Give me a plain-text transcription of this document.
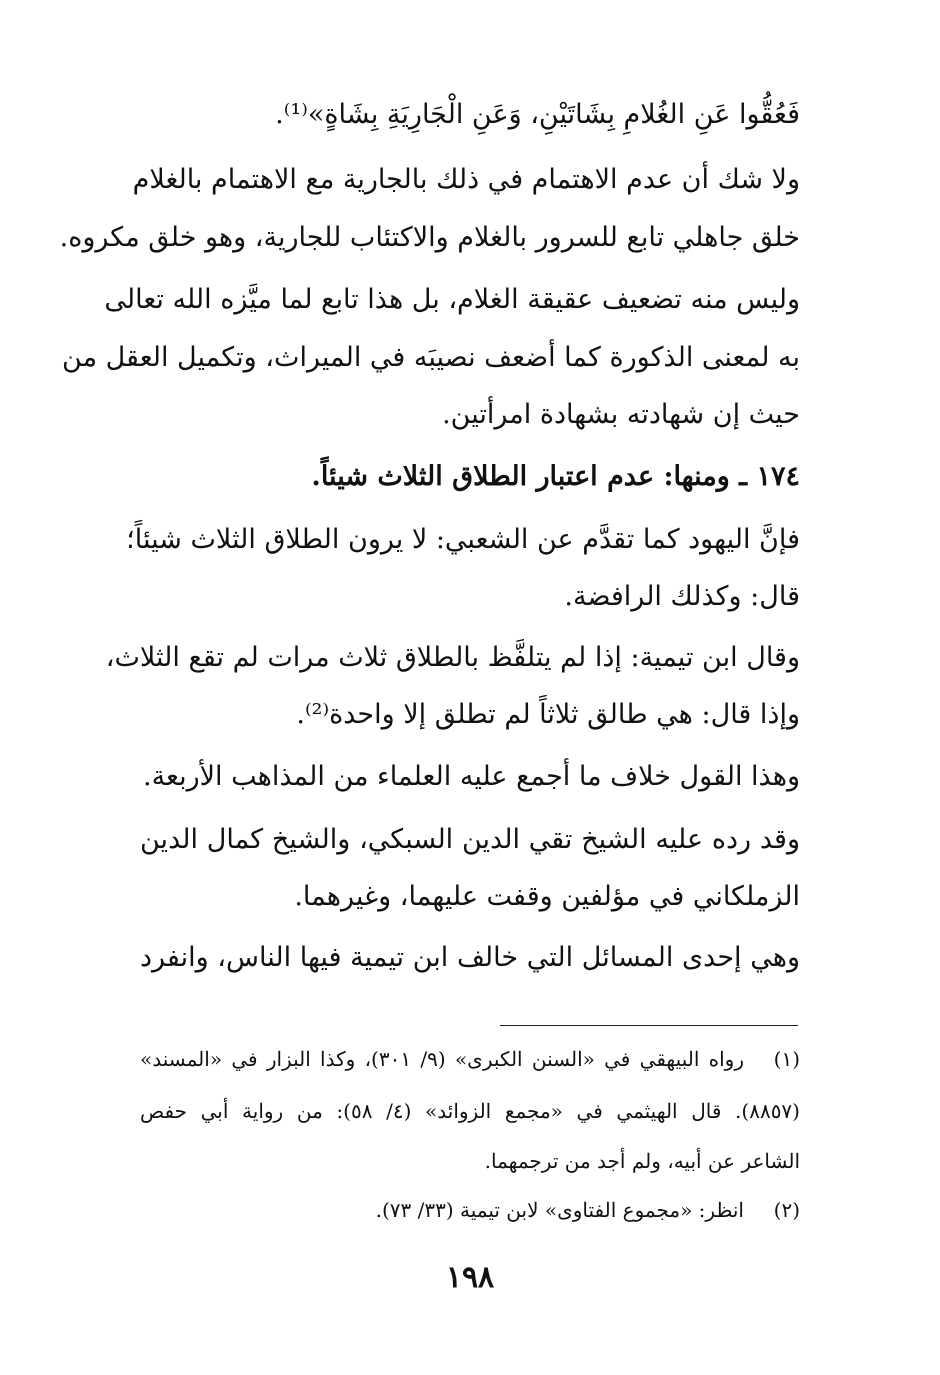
فَعُقُّوا عَنِ الغُلامِ بِشَاتَيْنِ، وَعَنِ الْجَارِيَةِ بِشَاةٍ»⁽¹⁾.
ولا شك أن عدم الاهتمام في ذلك بالجارية مع الاهتمام بالغلام
خلق جاهلي تابع للسرور بالغلام والاكتئاب للجارية، وهو خلق مكروه.
وليس منه تضعيف عقيقة الغلام، بل هذا تابع لما ميَّزه الله تعالى
به لمعنى الذكورة كما أضعف نصيبَه في الميراث، وتكميل العقل من
حيث إن شهادته بشهادة امرأتين.
١٧٤ ـ ومنها: عدم اعتبار الطلاق الثلاث شيئاً.
فإنَّ اليهود كما تقدَّم عن الشعبي: لا يرون الطلاق الثلاث شيئاً؛
قال: وكذلك الرافضة.
وقال ابن تيمية: إذا لم يتلفَّظ بالطلاق ثلاث مرات لم تقع الثلاث،
وإذا قال: هي طالق ثلاثاً لم تطلق إلا واحدة⁽²⁾.
وهذا القول خلاف ما أجمع عليه العلماء من المذاهب الأربعة.
وقد رده عليه الشيخ تقي الدين السبكي، والشيخ كمال الدين
الزملكاني في مؤلفين وقفت عليهما، وغيرهما.
وهي إحدى المسائل التي خالف ابن تيمية فيها الناس، وانفرد
(١)رواه البيهقي في «السنن الكبرى» (٩/ ٣٠١)، وكذا البزار في «المسند»
(٨٨٥٧). قال الهيثمي في «مجمع الزوائد» (٤/ ٥٨): من رواية أبي حفص
الشاعر عن أبيه، ولم أجد من ترجمهما.
(٢)انظر: «مجموع الفتاوى» لابن تيمية (٣٣/ ٧٣).
١٩٨
